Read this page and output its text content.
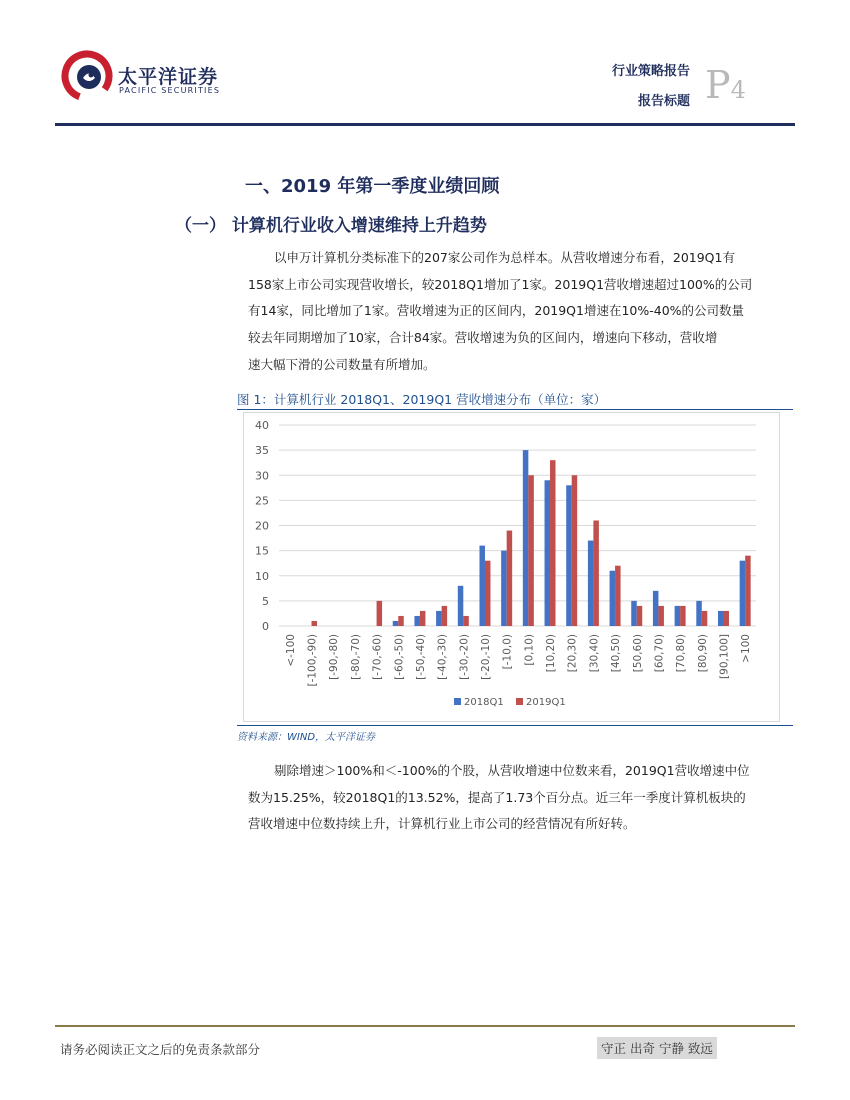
太平洋证券
PACIFIC SECURITIES
行业策略报告
报告标题 P4
一、2019 年第一季度业绩回顾
（一） 计算机行业收入增速维持上升趋势
以申万计算机分类标准下的207家公司作为总样本。从营收增速分布看，2019Q1有
158家上市公司实现营收增长，较2018Q1增加了1家。2019Q1营收增速超过100%的公司
有14家，同比增加了1家。营收增速为正的区间内，2019Q1增速在10%-40%的公司数量
较去年同期增加了10家，合计84家。营收增速为负的区间内，增速向下移动，营收增
速大幅下滑的公司数量有所增加。
图 1：计算机行业 2018Q1、2019Q1 营收增速分布（单位：家）
0
5
10
15
20
25
30
35
40
<-100 [-100,-90) [-90,-80) [-80,-70) [-70,-60) [-60,-50) [-50,-40) [-40,-30) [-30,-20) [-20,-10) [-10,0) [0,10) [10,20) [20,30) [30,40) [40,50) [50,60) [60,70) [70,80) [80,90) [90,100] >100
2018Q1 2019Q1
资料来源：WIND，太平洋证券
剔除增速＞100%和＜-100%的个股，从营收增速中位数来看，2019Q1营收增速中位
数为15.25%，较2018Q1的13.52%，提高了1.73个百分点。近三年一季度计算机板块的
营收增速中位数持续上升，计算机行业上市公司的经营情况有所好转。
请务必阅读正文之后的免责条款部分	守正 出奇 宁静 致远
